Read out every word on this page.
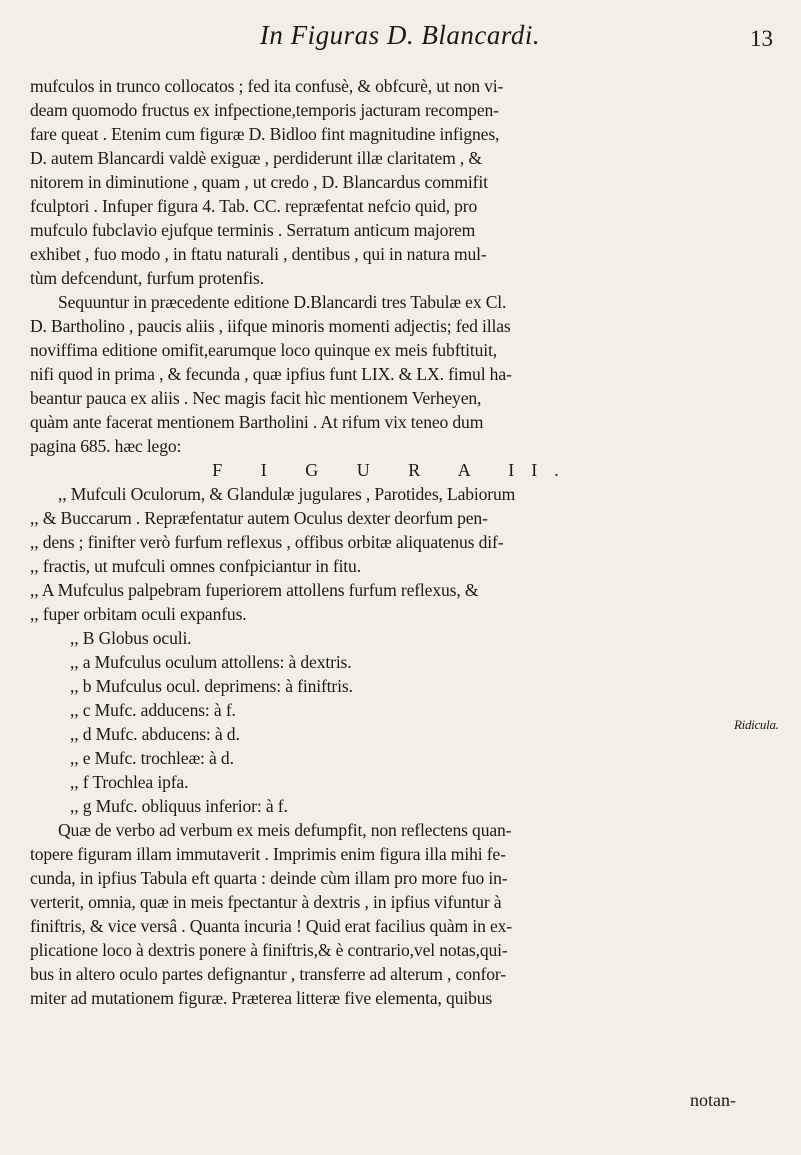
In Figuras D. Blancardi.	13
mufculos in trunco collocatos ; fed ita confusè, & obfcurè, ut non vi-
deam quomodo fructus ex infpectione,temporis jacturam recompen-
fare queat . Etenim cum figuræ D. Bidloo fint magnitudine infignes,
D. autem Blancardi valdè exiguæ , perdiderunt illæ claritatem , &
nitorem in diminutione , quam , ut credo , D. Blancardus commifit
fculptori . Infuper figura 4. Tab. CC. repræfentat nefcio quid, pro
mufculo fubclavio ejufque terminis . Serratum anticum majorem
exhibet , fuo modo , in ftatu naturali , dentibus , qui in natura mul-
tùm defcendunt, furfum protenfis.
Sequuntur in præcedente editione D.Blancardi tres Tabulæ ex Cl.
D. Bartholino , paucis aliis , iifque minoris momenti adjectis; fed illas
noviffima editione omifit,earumque loco quinque ex meis fubftituit,
nifi quod in prima , & fecunda , quæ ipfius funt LIX. & LX. fimul ha-
beantur pauca ex aliis . Nec magis facit hìc mentionem Verheyen,
quàm ante facerat mentionem Bartholini . At rifum vix teneo dum
pagina 685. hæc lego:
F I G U R A II.
,, Mufculi Oculorum, & Glandulæ jugulares , Parotides, Labiorum
,, & Buccarum . Repræfentatur autem Oculus dexter deorfum pen-
,, dens ; finifter verò furfum reflexus , offibus orbitæ aliquatenus dif-
,, fractis, ut mufculi omnes confpiciantur in fitu.
,, A Mufculus palpebram fuperiorem attollens furfum reflexus, &
,, fuper orbitam oculi expanfus.
,, B Globus oculi.
,, a Mufculus oculum attollens: à dextris.
,, b Mufculus ocul. deprimens: à finiftris.
,, c Mufc. adducens: à f.
,, d Mufc. abducens: à d.
,, e Mufc. trochleæ: à d.
,, f Trochlea ipfa.
,, g Mufc. obliquus inferior: à f.
Quæ de verbo ad verbum ex meis defumpfit, non reflectens quan-
topere figuram illam immutaverit . Imprimis enim figura illa mihi fe-
cunda, in ipfius Tabula eft quarta : deinde cùm illam pro more fuo in-
verterit, omnia, quæ in meis fpectantur à dextris , in ipfius vifuntur à
finiftris, & vice versâ . Quanta incuria ! Quid erat facilius quàm in ex-
plicatione loco à dextris ponere à finiftris,& è contrario,vel notas,qui-
bus in altero oculo partes defignantur , transferre ad alterum , confor-
miter ad mutationem figuræ. Præterea litteræ five elementa, quibus
Ridicula.
notan-
